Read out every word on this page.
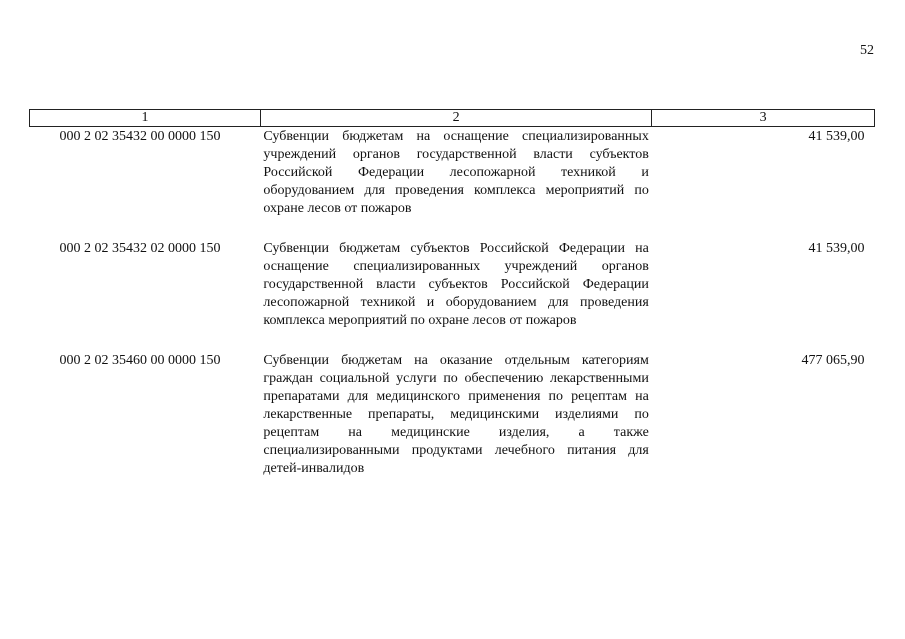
52
1	2	3
000 2 02 35432 00 0000 150	Субвенции бюджетам на оснащение специализированных учреждений органов государственной власти субъектов Российской Федерации лесопожарной техникой и оборудованием для проведения комплекса мероприятий по охране лесов от пожаров	41 539,00
000 2 02 35432 02 0000 150	Субвенции бюджетам субъектов Российской Федерации на оснащение специализированных учреждений органов государственной власти субъектов Российской Федерации лесопожарной техникой и оборудованием для проведения комплекса мероприятий по охране лесов от пожаров	41 539,00
000 2 02 35460 00 0000 150	Субвенции бюджетам на оказание отдельным категориям граждан социальной услуги по обеспечению лекарственными препаратами для медицинского применения по рецептам на лекарственные препараты, медицинскими изделиями по рецептам на медицинские изделия, а также специализированными продуктами лечебного питания для детей-инвалидов	477 065,90
